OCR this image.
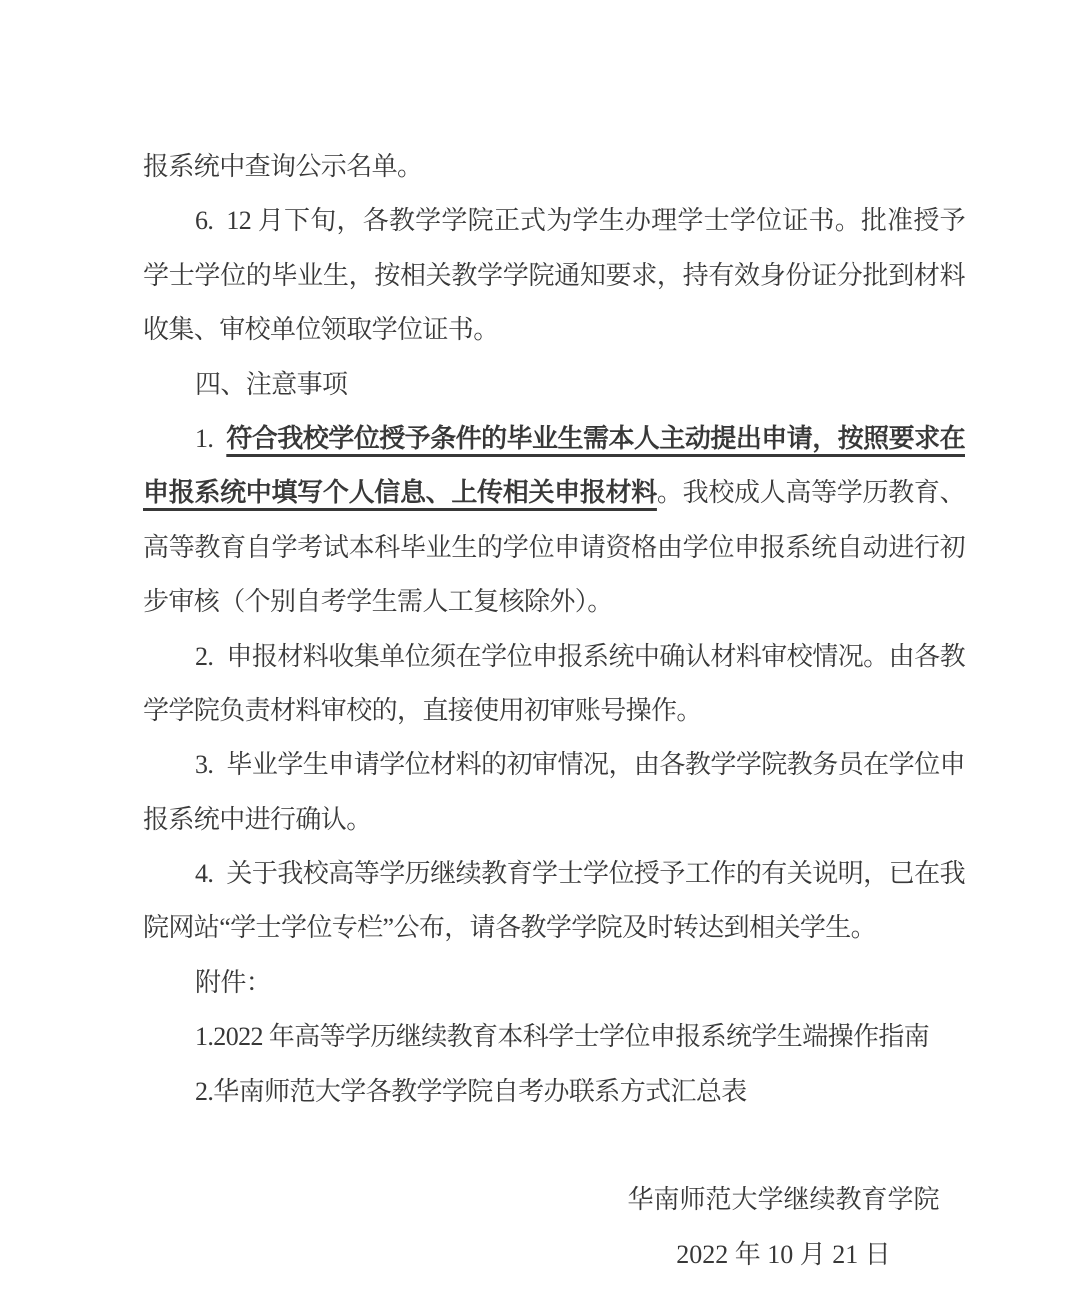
报系统中查询公示名单。
6. 12 月下旬，各教学学院正式为学生办理学士学位证书。批准授予
学士学位的毕业生，按相关教学学院通知要求，持有效身份证分批到材料
收集、审校单位领取学位证书。
四、注意事项
1. 符合我校学位授予条件的毕业生需本人主动提出申请，按照要求在
申报系统中填写个人信息、上传相关申报材料。我校成人高等学历教育、
高等教育自学考试本科毕业生的学位申请资格由学位申报系统自动进行初
步审核（个别自考学生需人工复核除外）。
2. 申报材料收集单位须在学位申报系统中确认材料审校情况。由各教
学学院负责材料审校的，直接使用初审账号操作。
3. 毕业学生申请学位材料的初审情况，由各教学学院教务员在学位申
报系统中进行确认。
4. 关于我校高等学历继续教育学士学位授予工作的有关说明，已在我
院网站“学士学位专栏”公布，请各教学学院及时转达到相关学生。
附件：
1.2022 年高等学历继续教育本科学士学位申报系统学生端操作指南
2.华南师范大学各教学学院自考办联系方式汇总表
华南师范大学继续教育学院
2022 年 10 月 21 日
